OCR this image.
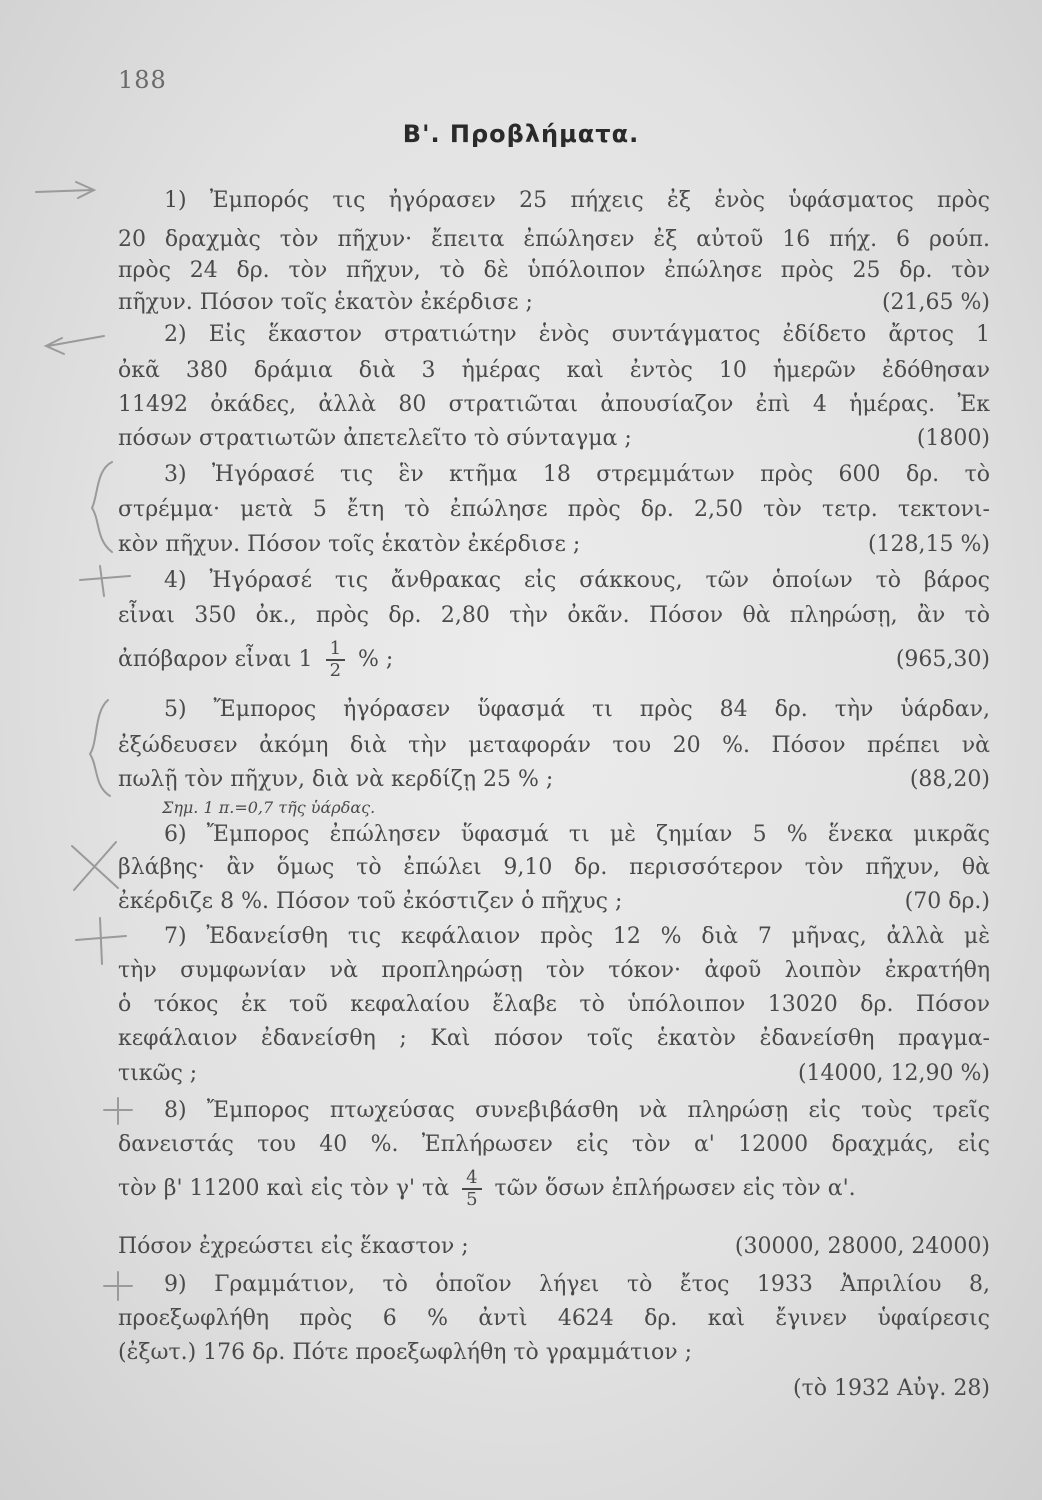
188
Β'. Προβλήματα.
1) Ἐμπορός τις ἠγόρασεν 25 πήχεις ἐξ ἑνὸς ὑφάσματος πρὸς
20 δραχμὰς τὸν πῆχυν· ἔπειτα ἐπώλησεν ἐξ αὐτοῦ 16 πήχ. 6 ρούπ.
πρὸς 24 δρ. τὸν πῆχυν, τὸ δὲ ὑπόλοιπον ἐπώλησε πρὸς 25 δρ. τὸν
πῆχυν. Πόσον τοῖς ἑκατὸν ἐκέρδισε ;	(21,65 %)
2) Εἰς ἕκαστον στρατιώτην ἑνὸς συντάγματος ἐδίδετο ἄρτος 1
ὀκᾶ 380 δράμια διὰ 3 ἡμέρας καὶ ἐντὸς 10 ἡμερῶν ἐδόθησαν
11492 ὀκάδες, ἀλλὰ 80 στρατιῶται ἀπουσίαζον ἐπὶ 4 ἡμέρας. Ἐκ
πόσων στρατιωτῶν ἀπετελεῖτο τὸ σύνταγμα ;	(1800)
3) Ἠγόρασέ τις ἓν κτῆμα 18 στρεμμάτων πρὸς 600 δρ. τὸ
στρέμμα· μετὰ 5 ἔτη τὸ ἐπώλησε πρὸς δρ. 2,50 τὸν τετρ. τεκτονι-
κὸν πῆχυν. Πόσον τοῖς ἑκατὸν ἐκέρδισε ;	(128,15 %)
4) Ἠγόρασέ τις ἄνθρακας εἰς σάκκους, τῶν ὁποίων τὸ βάρος
εἶναι 350 ὀκ., πρὸς δρ. 2,80 τὴν ὀκᾶν. Πόσον θὰ πληρώσῃ, ἂν τὸ
ἀπόβαρον εἶναι $1 \frac{1}{2}$ % ;	(965,30)
5) Ἔμπορος ἠγόρασεν ὕφασμά τι πρὸς 84 δρ. τὴν ὑάρδαν,
ἐξώδευσεν ἀκόμη διὰ τὴν μεταφοράν του 20 %. Πόσον πρέπει νὰ
πωλῇ τὸν πῆχυν, διὰ νὰ κερδίζῃ 25 % ;	(88,20)
Σημ. 1 π.=0,7 τῆς ὑάρδας.
6) Ἔμπορος ἐπώλησεν ὕφασμά τι μὲ ζημίαν 5 % ἕνεκα μικρᾶς
βλάβης· ἂν ὅμως τὸ ἐπώλει 9,10 δρ. περισσότερον τὸν πῆχυν, θὰ
ἐκέρδιζε 8 %. Πόσον τοῦ ἐκόστιζεν ὁ πῆχυς ;	(70 δρ.)
7) Ἐδανείσθη τις κεφάλαιον πρὸς 12 % διὰ 7 μῆνας, ἀλλὰ μὲ
τὴν συμφωνίαν νὰ προπληρώσῃ τὸν τόκον· ἀφοῦ λοιπὸν ἐκρατήθη
ὁ τόκος ἐκ τοῦ κεφαλαίου ἔλαβε τὸ ὑπόλοιπον 13020 δρ. Πόσον
κεφάλαιον ἐδανείσθη ; Καὶ πόσον τοῖς ἑκατὸν ἐδανείσθη πραγμα-
τικῶς ;	(14000, 12,90 %)
8) Ἔμπορος πτωχεύσας συνεβιβάσθη νὰ πληρώσῃ εἰς τοὺς τρεῖς
δανειστάς του 40 %. Ἐπλήρωσεν εἰς τὸν α' 12000 δραχμάς, εἰς
τὸν β' 11200 καὶ εἰς τὸν γ' τὰ $\frac{4}{5}$ τῶν ὅσων ἐπλήρωσεν εἰς τὸν α'.
Πόσον ἐχρεώστει εἰς ἕκαστον ;	(30000, 28000, 24000)
9) Γραμμάτιον, τὸ ὁποῖον λήγει τὸ ἔτος 1933 Ἀπριλίου 8,
προεξωφλήθη πρὸς 6 % ἀντὶ 4624 δρ. καὶ ἔγινεν ὑφαίρεσις
(ἐξωτ.) 176 δρ. Πότε προεξωφλήθη τὸ γραμμάτιον ;
(τὸ 1932 Αὐγ. 28)
